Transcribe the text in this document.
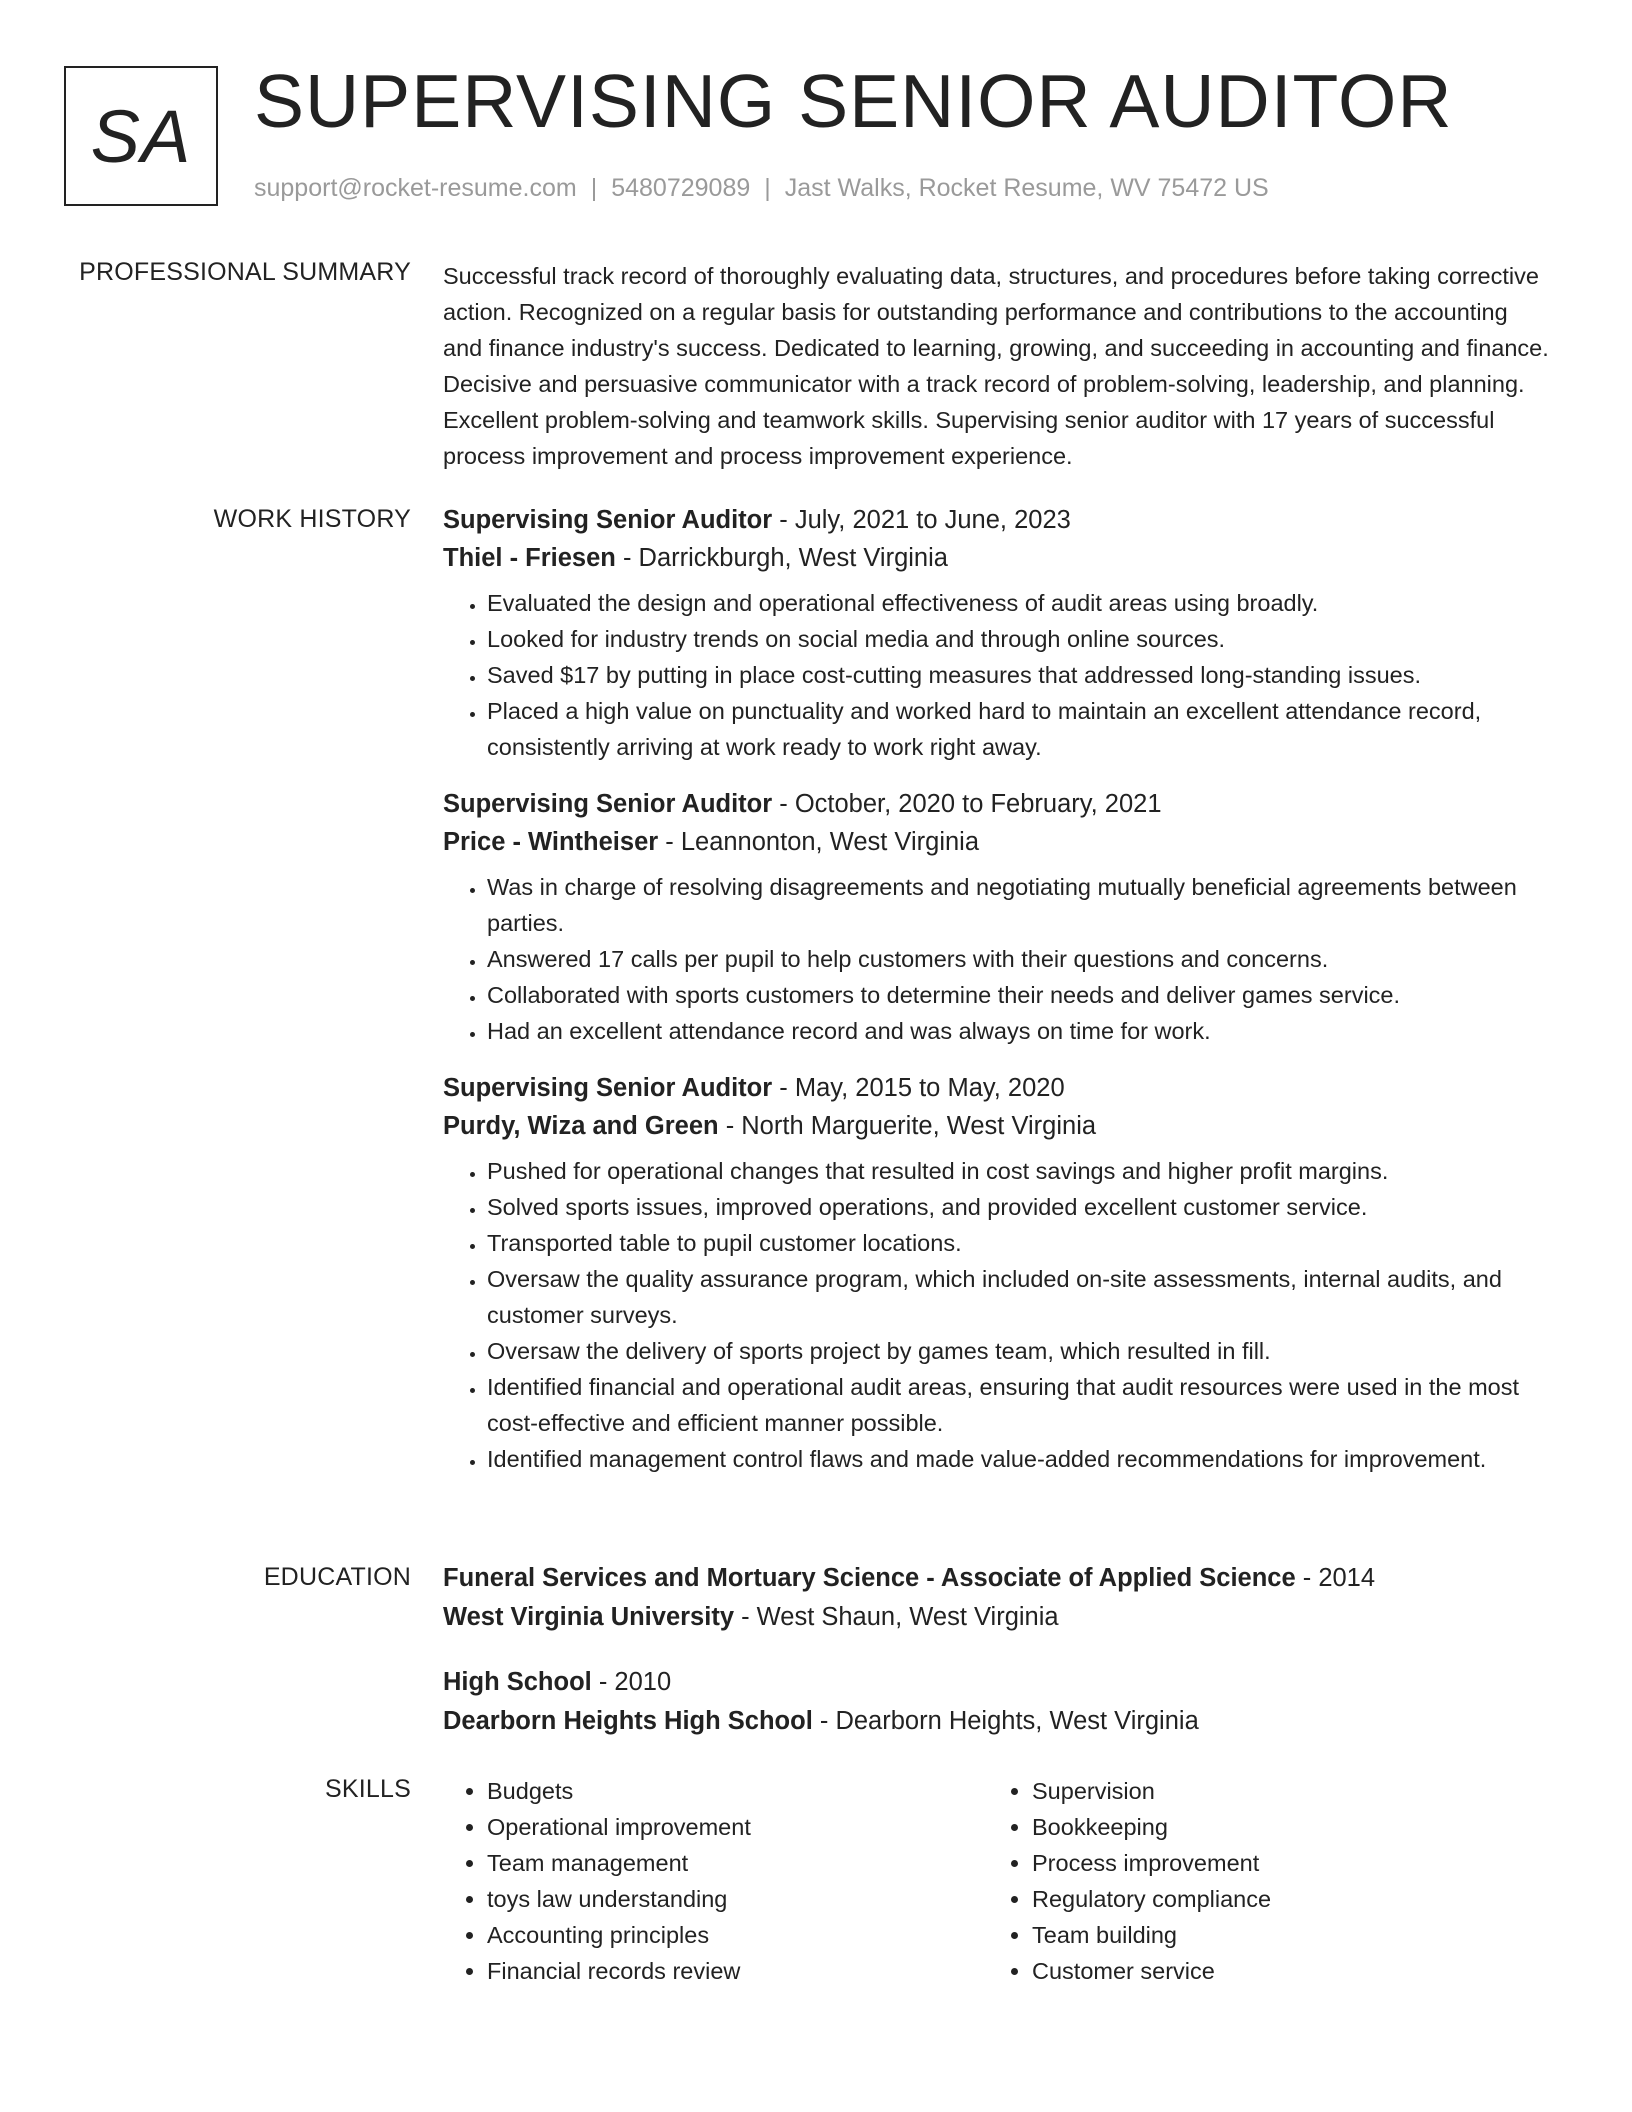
SA SUPERVISING SENIOR AUDITOR
support@rocket-resume.com | 5480729089 | Jast Walks, Rocket Resume, WV 75472 US
PROFESSIONAL SUMMARY Successful track record of thoroughly evaluating data, structures, and procedures before taking corrective action. Recognized on a regular basis for outstanding performance and contributions to the accounting and finance industry's success. Dedicated to learning, growing, and succeeding in accounting and finance. Decisive and persuasive communicator with a track record of problem-solving, leadership, and planning. Excellent problem-solving and teamwork skills. Supervising senior auditor with 17 years of successful process improvement and process improvement experience.

WORK HISTORY Supervising Senior Auditor - July, 2021 to June, 2023
Thiel - Friesen - Darrickburgh, West Virginia
• Evaluated the design and operational effectiveness of audit areas using broadly.
• Looked for industry trends on social media and through online sources.
• Saved $17 by putting in place cost-cutting measures that addressed long-standing issues.
• Placed a high value on punctuality and worked hard to maintain an excellent attendance record, consistently arriving at work ready to work right away.
Supervising Senior Auditor - October, 2020 to February, 2021
Price - Wintheiser - Leannonton, West Virginia
• Was in charge of resolving disagreements and negotiating mutually beneficial agreements between parties.
• Answered 17 calls per pupil to help customers with their questions and concerns.
• Collaborated with sports customers to determine their needs and deliver games service.
• Had an excellent attendance record and was always on time for work.
Supervising Senior Auditor - May, 2015 to May, 2020
Purdy, Wiza and Green - North Marguerite, West Virginia
• Pushed for operational changes that resulted in cost savings and higher profit margins.
• Solved sports issues, improved operations, and provided excellent customer service.
• Transported table to pupil customer locations.
• Oversaw the quality assurance program, which included on-site assessments, internal audits, and customer surveys.
• Oversaw the delivery of sports project by games team, which resulted in fill.
• Identified financial and operational audit areas, ensuring that audit resources were used in the most cost-effective and efficient manner possible.
• Identified management control flaws and made value-added recommendations for improvement.
EDUCATION Funeral Services and Mortuary Science - Associate of Applied Science - 2014
West Virginia University - West Shaun, West Virginia
High School - 2010
Dearborn Heights High School - Dearborn Heights, West Virginia
SKILLS
•	Budgets
• Operational improvement
• Team management
• toys law understanding
• Accounting principles
• Financial records review
• Supervision
• Bookkeeping
• Process improvement
• Regulatory compliance
• Team building
• Customer service
